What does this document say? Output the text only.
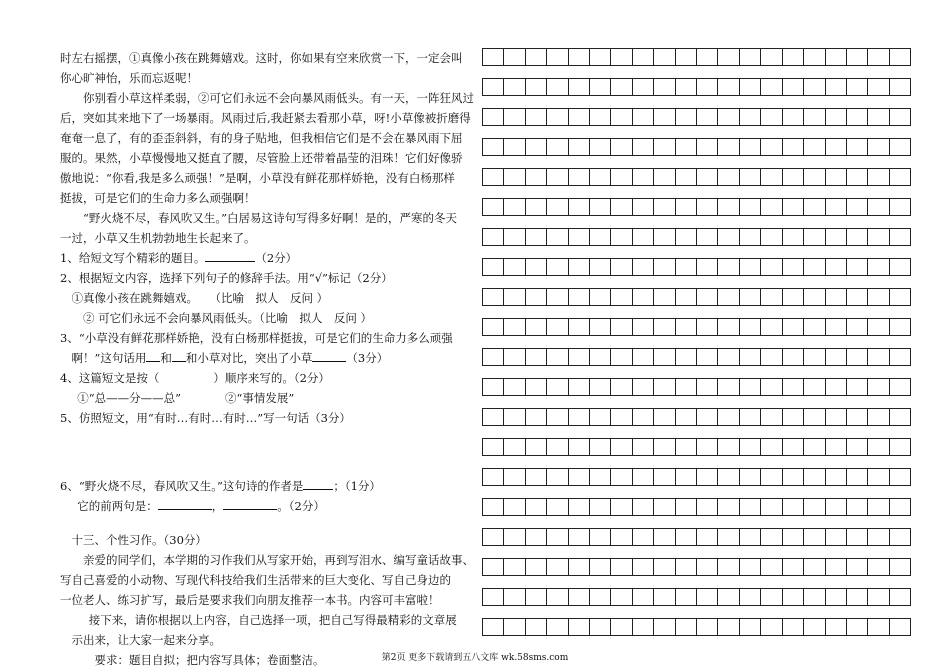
时左右摇摆，①真像小孩在跳舞嬉戏。这时，你如果有空来欣赏一下，一定会叫
你心旷神怡，乐而忘返呢！
你别看小草这样柔弱，②可它们永远不会向暴风雨低头。有一天，一阵狂风过
后，突如其来地下了一场暴雨。风雨过后,我赶紧去看那小草，呀!小草像被折磨得
奄奄一息了，有的歪歪斜斜，有的身子贴地，但我相信它们是不会在暴风雨下屈
服的。果然，小草慢慢地又挺直了腰，尽管脸上还带着晶莹的泪珠！它们好像骄
傲地说：“你看,我是多么顽强！”是啊，小草没有鲜花那样娇艳，没有白杨那样
挺拔，可是它们的生命力多么顽强啊！
“野火烧不尽，春风吹又生。”白居易这诗句写得多好啊！是的，严寒的冬天
一过，小草又生机勃勃地生长起来了。
1、给短文写个精彩的题目。	（2分）
2、根据短文内容，选择下列句子的修辞手法。用“√”标记（2分）
①真像小孩在跳舞嬉戏。　　 （比喻　拟人　反问 ）
② 可它们永远不会向暴风雨低头。（比喻　拟人　反问 ）
3、“小草没有鲜花那样娇艳，没有白杨那样挺拔，可是它们的生命力多么顽强
啊！”这句话用 和 和小草对比，突出了小草	（3分）
4、这篇短文是按（	）顺序来写的。（2分）
①“总——分——总”	②“事情发展”
5、仿照短文，用“有时…有时…有时…”写一句话（3分）
6、“野火烧不尽，春风吹又生。”这句诗的作者是	；（1分）
它的前两句是：	，	。（2分）
十三、个性习作。（30分）
亲爱的同学们，本学期的习作我们从写家开始，再到写泪水、编写童话故事、
写自己喜爱的小动物、写现代科技给我们生活带来的巨大变化、写自己身边的
一位老人、练习扩写，最后是要求我们向朋友推荐一本书。内容可丰富啦！
接下来，请你根据以上内容，自己选择一项，把自己写得最精彩的文章展
示出来，让大家一起来分享。
要求：题目自拟；把内容写具体；卷面整洁。	第2页 更多下载请到五八文库 wk.58sms.com
